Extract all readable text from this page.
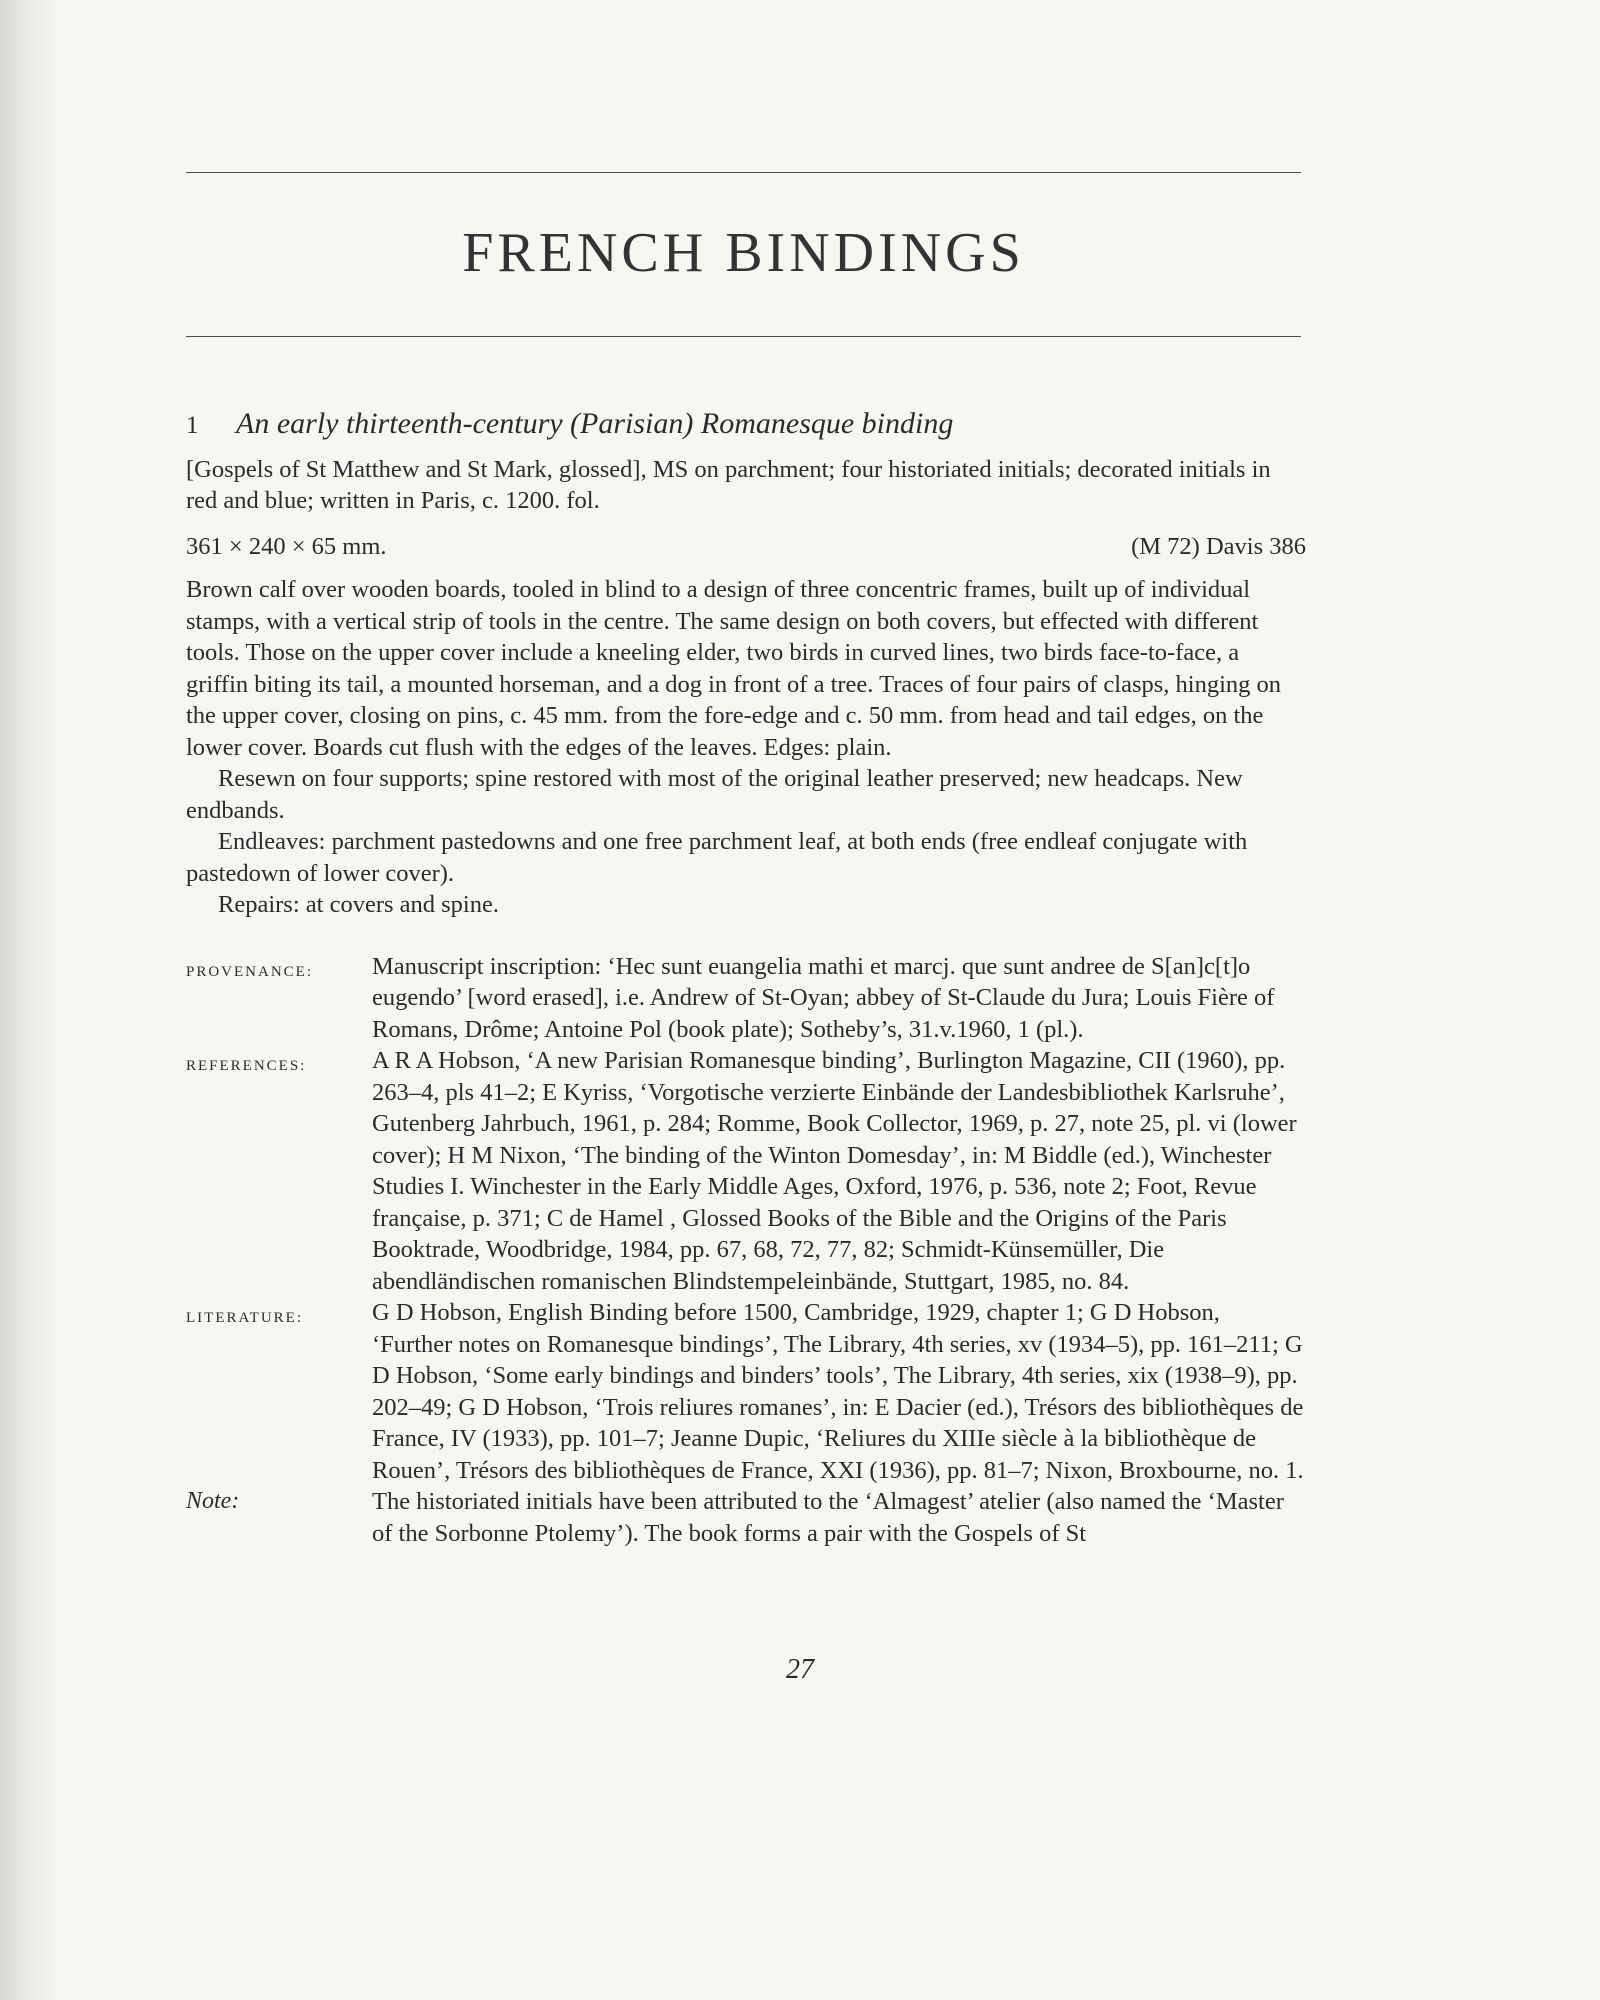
FRENCH BINDINGS
1 An early thirteenth-century (Parisian) Romanesque binding

[Gospels of St Matthew and St Mark, glossed], MS on parchment; four historiated initials; decorated initials in red and blue; written in Paris, c. 1200. fol.

361 × 240 × 65 mm.	(M 72) Davis 386

Brown calf over wooden boards, tooled in blind to a design of three concentric frames, built up of individual stamps, with a vertical strip of tools in the centre. The same design on both covers, but effected with different tools. Those on the upper cover include a kneeling elder, two birds in curved lines, two birds face-to-face, a griffin biting its tail, a mounted horseman, and a dog in front of a tree. Traces of four pairs of clasps, hinging on the upper cover, closing on pins, c. 45 mm. from the fore-edge and c. 50 mm. from head and tail edges, on the lower cover. Boards cut flush with the edges of the leaves. Edges: plain.

Resewn on four supports; spine restored with most of the original leather preserved; new headcaps. New endbands.

Endleaves: parchment pastedowns and one free parchment leaf, at both ends (free endleaf conjugate with pastedown of lower cover).

Repairs: at covers and spine.

PROVENANCE:	Manuscript inscription: ‘Hec sunt euangelia mathi et marcj. que sunt andree de S[an]c[t]o eugendo’ [word erased], i.e. Andrew of St-Oyan; abbey of St-Claude du Jura; Louis Fière of Romans, Drôme; Antoine Pol (book plate); Sotheby’s, 31.v.1960, 1 (pl.).
REFERENCES:	A R A Hobson, ‘A new Parisian Romanesque binding’, Burlington Magazine, CII (1960), pp. 263–4, pls 41–2; E Kyriss, ‘Vorgotische verzierte Einbände der Landesbibliothek Karlsruhe’, Gutenberg Jahrbuch, 1961, p. 284; Romme, Book Collector, 1969, p. 27, note 25, pl. vi (lower cover); H M Nixon, ‘The binding of the Winton Domesday’, in: M Biddle (ed.), Winchester Studies I. Winchester in the Early Middle Ages, Oxford, 1976, p. 536, note 2; Foot, Revue française, p. 371; C de Hamel , Glossed Books of the Bible and the Origins of the Paris Booktrade, Woodbridge, 1984, pp. 67, 68, 72, 77, 82; Schmidt-Künsemüller, Die abendländischen romanischen Blindstempeleinbände, Stuttgart, 1985, no. 84.
LITERATURE:	G D Hobson, English Binding before 1500, Cambridge, 1929, chapter 1; G D Hobson, ‘Further notes on Romanesque bindings’, The Library, 4th series, xv (1934–5), pp. 161–211; G D Hobson, ‘Some early bindings and binders’ tools’, The Library, 4th series, xix (1938–9), pp. 202–49; G D Hobson, ‘Trois reliures romanes’, in: E Dacier (ed.), Trésors des bibliothèques de France, IV (1933), pp. 101–7; Jeanne Dupic, ‘Reliures du XIIIe siècle à la bibliothèque de Rouen’, Trésors des bibliothèques de France, XXI (1936), pp. 81–7; Nixon, Broxbourne, no. 1.
Note:	The historiated initials have been attributed to the ‘Almagest’ atelier (also named the ‘Master of the Sorbonne Ptolemy’). The book forms a pair with the Gospels of St
27
